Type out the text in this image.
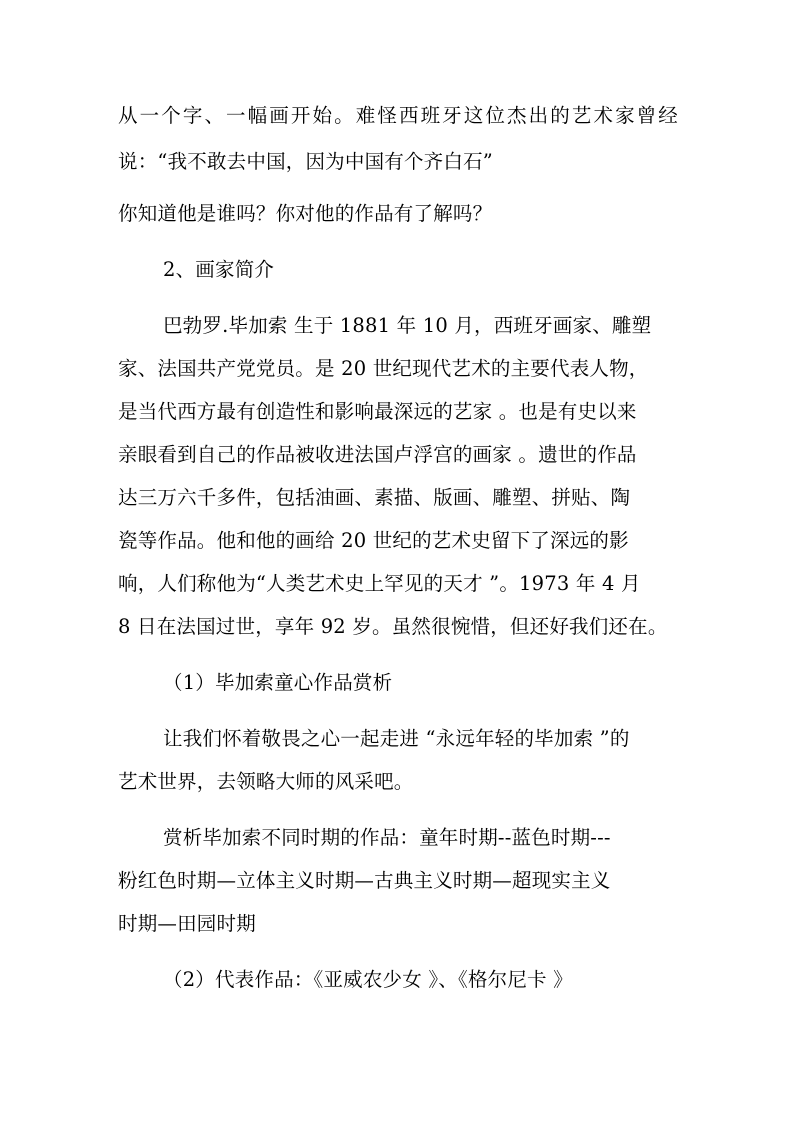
从一个字、一幅画开始。难怪西班牙这位杰出的艺术家曾经
说：“我不敢去中国，因为中国有个齐白石”
你知道他是谁吗？你对他的作品有了解吗？
2、画家简介
巴勃罗.毕加索 生于 1881 年 10 月，西班牙画家、雕塑
家、法国共产党党员。是 20 世纪现代艺术的主要代表人物，
是当代西方最有创造性和影响最深远的艺家 。也是有史以来
亲眼看到自己的作品被收进法国卢浮宫的画家 。遗世的作品
达三万六千多件，包括油画、素描、版画、雕塑、拼贴、陶
瓷等作品。他和他的画给 20 世纪的艺术史留下了深远的影
响，人们称他为“人类艺术史上罕见的天才 ”。1973 年 4 月
8 日在法国过世，享年 92 岁。虽然很惋惜，但还好我们还在。
（1）毕加索童心作品赏析
让我们怀着敬畏之心一起走进 “永远年轻的毕加索 ”的
艺术世界，去领略大师的风采吧。
赏析毕加索不同时期的作品：童年时期--蓝色时期---
粉红色时期—立体主义时期—古典主义时期—超现实主义
时期—田园时期
（2）代表作品：《亚威农少女 》、《格尔尼卡 》
